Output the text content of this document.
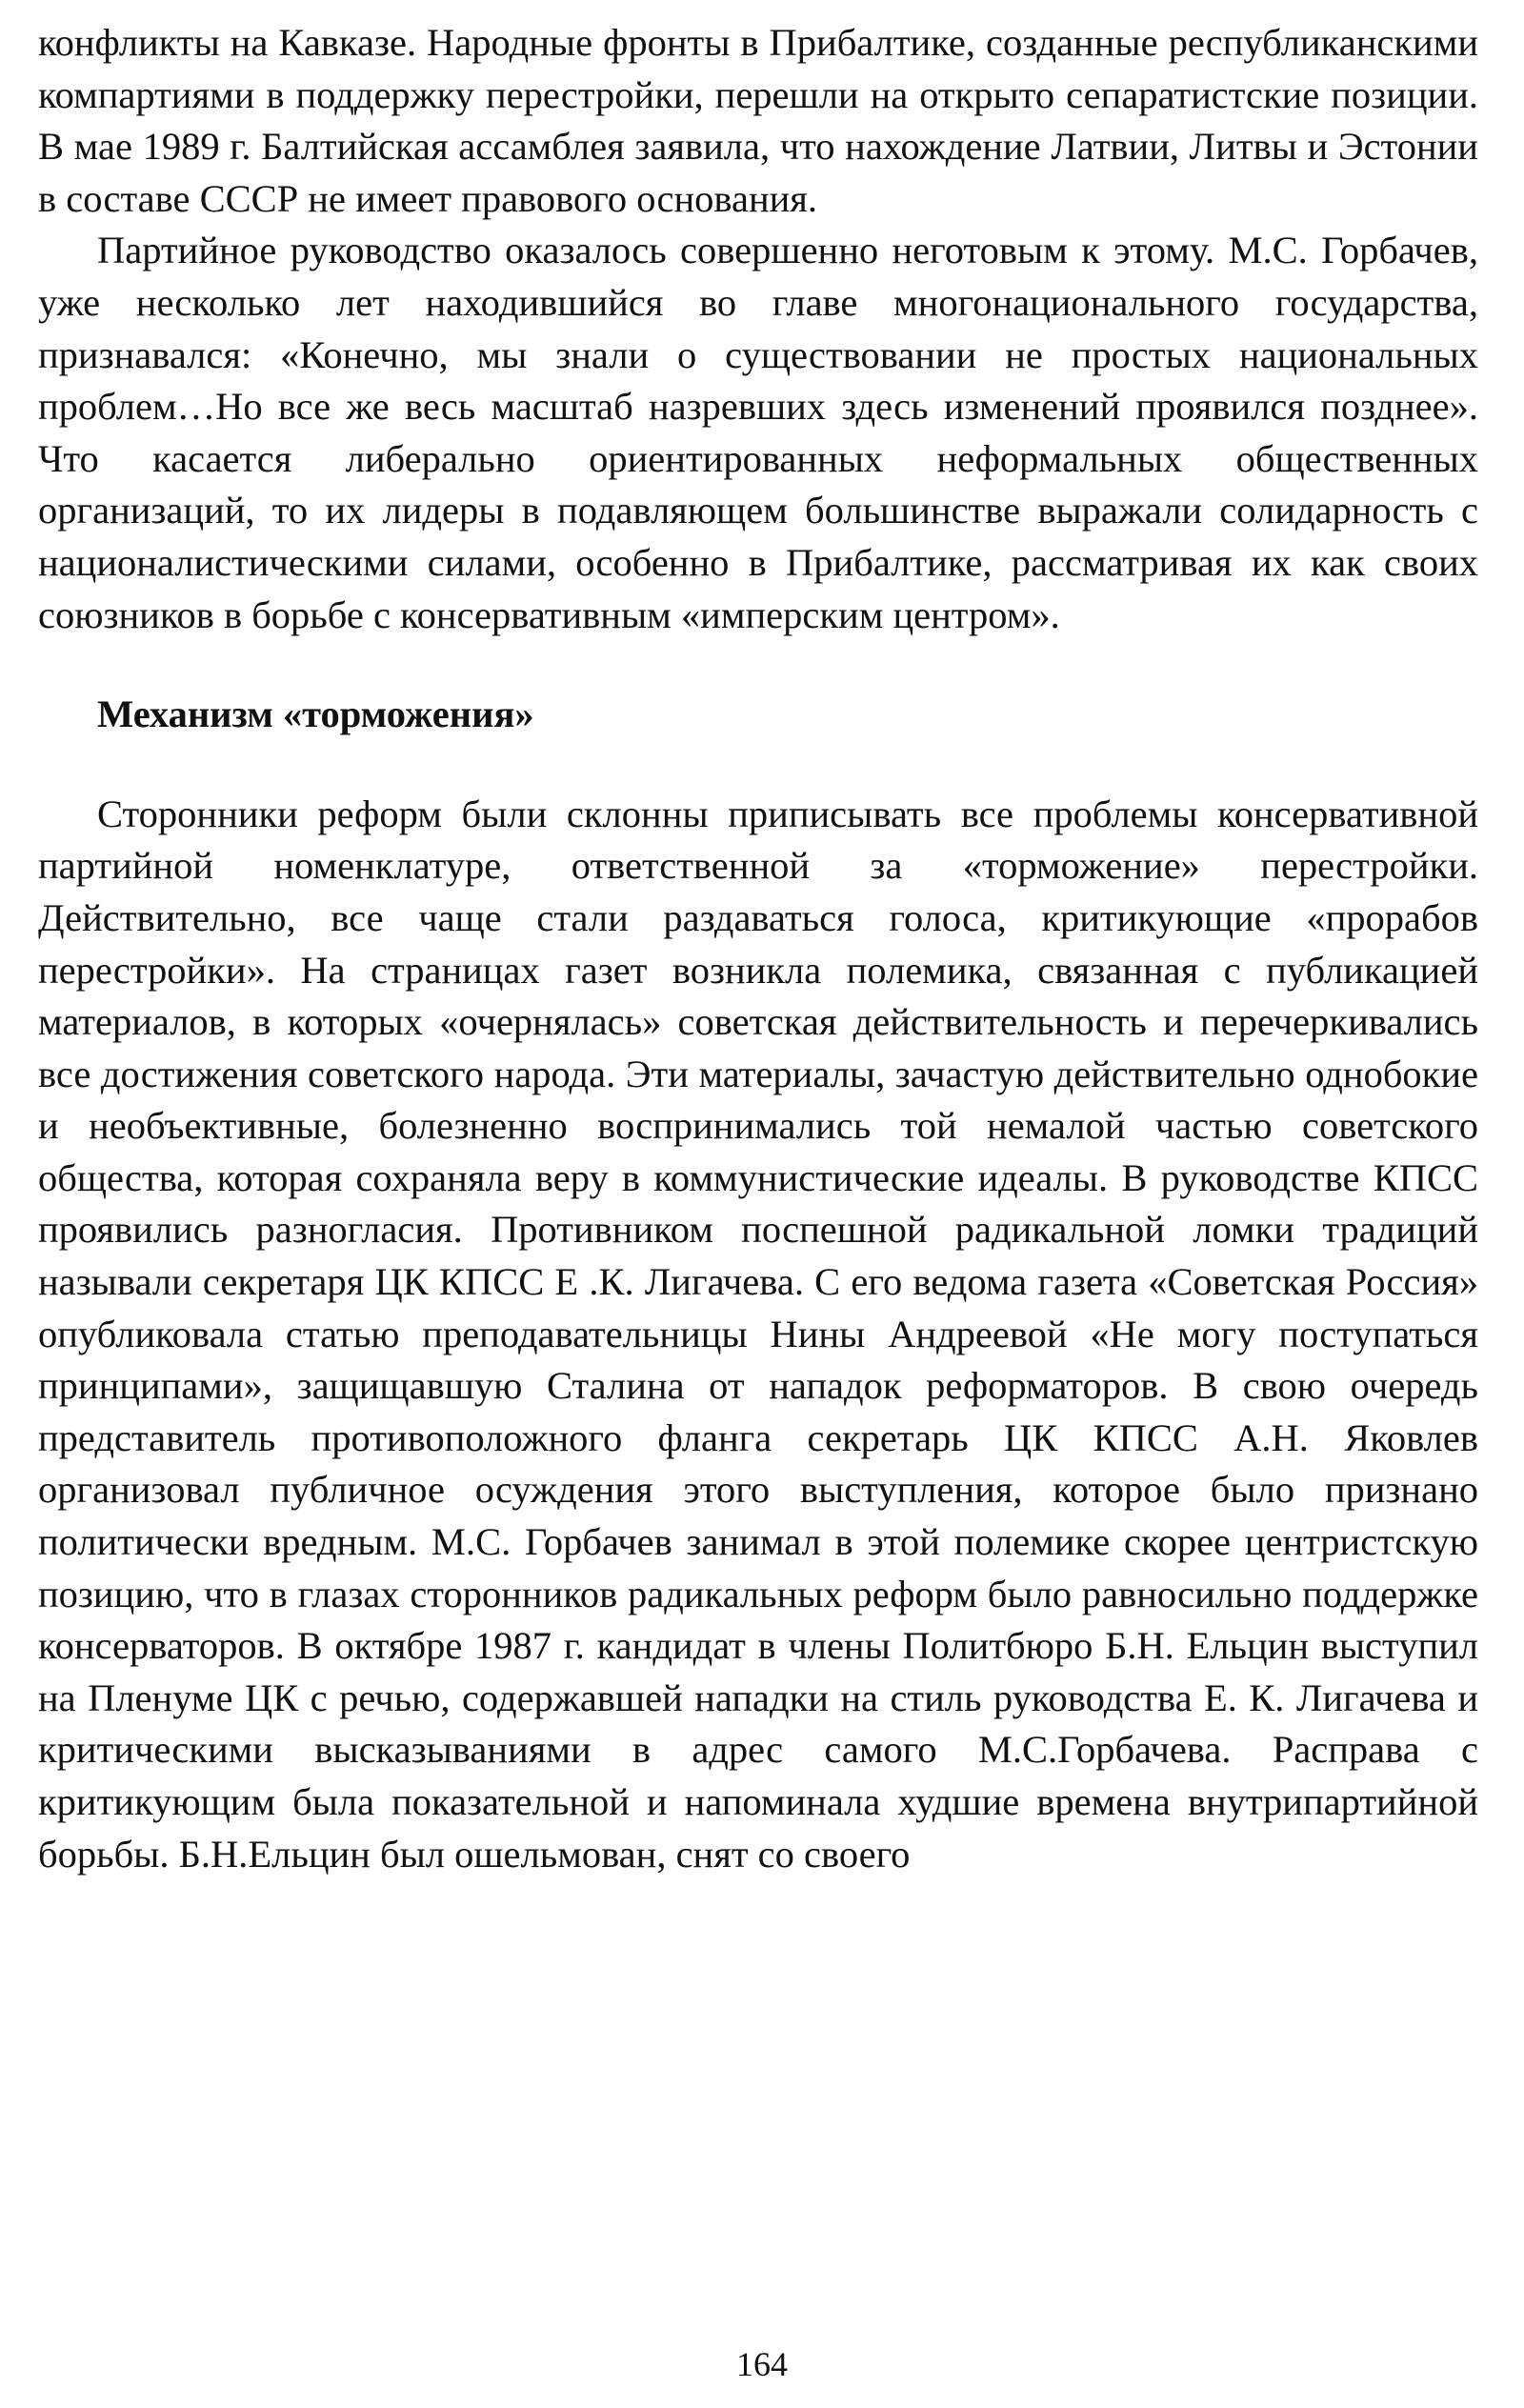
конфликты на Кавказе. Народные фронты в Прибалтике, созданные республиканскими компартиями в поддержку перестройки, перешли на открыто сепаратистские позиции. В мае 1989 г. Балтийская ассамблея заявила, что нахождение Латвии, Литвы и Эстонии в составе СССР не имеет правового основания.

Партийное руководство оказалось совершенно неготовым к этому. М.С. Горбачев, уже несколько лет находившийся во главе многонационального государства, признавался: «Конечно, мы знали о существовании не простых национальных проблем…Но все же весь масштаб назревших здесь изменений проявился позднее». Что касается либерально ориентированных неформальных общественных организаций, то их лидеры в подавляющем большинстве выражали солидарность с националистическими силами, особенно в Прибалтике, рассматривая их как своих союзников в борьбе с консервативным «имперским центром».

Механизм «торможения»

Сторонники реформ были склонны приписывать все проблемы консервативной партийной номенклатуре, ответственной за «торможение» перестройки. Действительно, все чаще стали раздаваться голоса, критикующие «прорабов перестройки». На страницах газет возникла полемика, связанная с публикацией материалов, в которых «очернялась» советская действительность и перечеркивались все достижения советского народа. Эти материалы, зачастую действительно однобокие и необъективные, болезненно воспринимались той немалой частью советского общества, которая сохраняла веру в коммунистические идеалы. В руководстве КПСС проявились разногласия. Противником поспешной радикальной ломки традиций называли секретаря ЦК КПСС Е .К. Лигачева. С его ведома газета «Советская Россия» опубликовала статью преподавательницы Нины Андреевой «Не могу поступаться принципами», защищавшую Сталина от нападок реформаторов. В свою очередь представитель противоположного фланга секретарь ЦК КПСС А.Н. Яковлев организовал публичное осуждения этого выступления, которое было признано политически вредным. М.С. Горбачев занимал в этой полемике скорее центристскую позицию, что в глазах сторонников радикальных реформ было равносильно поддержке консерваторов. В октябре 1987 г. кандидат в члены Политбюро Б.Н. Ельцин выступил на Пленуме ЦК с речью, содержавшей нападки на стиль руководства Е. К. Лигачева и критическими высказываниями в адрес самого М.С.Горбачева. Расправа с критикующим была показательной и напоминала худшие времена внутрипартийной борьбы. Б.Н.Ельцин был ошельмован, снят со своего

164
